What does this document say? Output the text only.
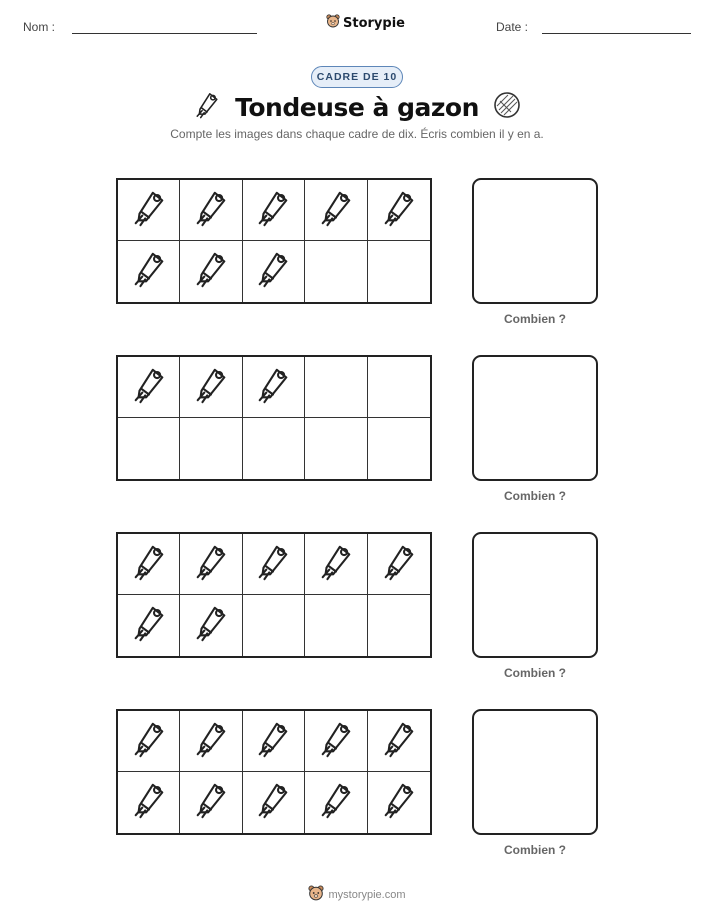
Nom :	Storypie	Date :
CADRE DE 10
Tondeuse à gazon
Compte les images dans chaque cadre de dix. Écris combien il y en a.
Combien ?
Combien ?
Combien ?
Combien ?
mystorypie.com
